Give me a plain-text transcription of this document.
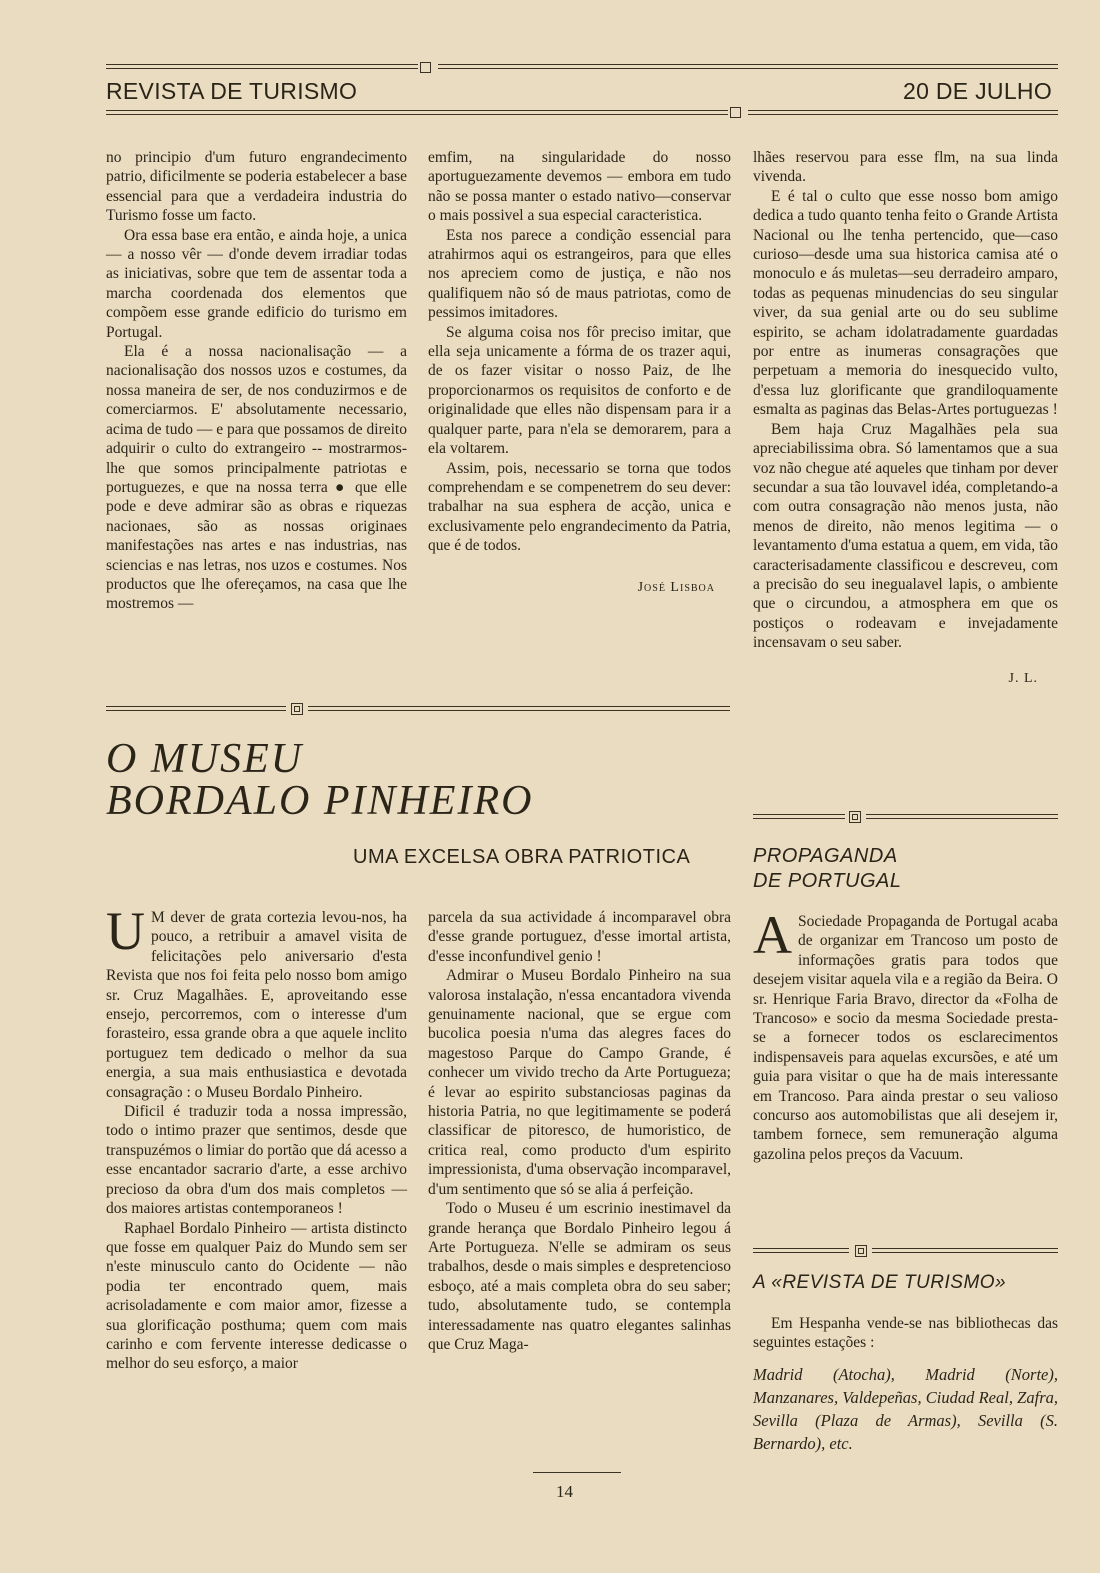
REVISTA DE TURISMO	20 DE JULHO

no principio d'um futuro engrandecimento patrio, dificilmente se poderia estabelecer a base essencial para que a verdadeira industria do Turismo fosse um facto.

Ora essa base era então, e ainda hoje, a unica — a nosso vêr — d'onde devem irradiar todas as iniciativas, sobre que tem de assentar toda a marcha coordenada dos elementos que compõem esse grande edificio do turismo em Portugal.

Ela é a nossa nacionalisação — a nacionalisação dos nossos uzos e costumes, da nossa maneira de ser, de nos conduzirmos e de comerciarmos. E' absolutamente necessario, acima de tudo — e para que possamos de direito adquirir o culto do extrangeiro -- mostrarmos-lhe que somos principalmente patriotas e portuguezes, e que na nossa terra ● que elle pode e deve admirar são as obras e riquezas nacionaes, são as nossas originaes manifestações nas artes e nas industrias, nas sciencias e nas letras, nos uzos e costumes. Nos productos que lhe ofereçamos, na casa que lhe mostremos —

emfim, na singularidade do nosso aportuguezamente devemos — embora em tudo não se possa manter o estado nativo—conservar o mais possivel a sua especial caracteristica.

Esta nos parece a condição essencial para atrahirmos aqui os estrangeiros, para que elles nos apreciem como de justiça, e não nos qualifiquem não só de maus patriotas, como de pessimos imitadores.

Se alguma coisa nos fôr preciso imitar, que ella seja unicamente a fórma de os trazer aqui, de os fazer visitar o nosso Paiz, de lhe proporcionarmos os requisitos de conforto e de originalidade que elles não dispensam para ir a qualquer parte, para n'ela se demorarem, para a ela voltarem.

Assim, pois, necessario se torna que todos comprehendam e se compenetrem do seu dever: trabalhar na sua esphera de acção, unica e exclusivamente pelo engrandecimento da Patria, que é de todos.

José Lisboa

lhães reservou para esse flm, na sua linda vivenda.

E é tal o culto que esse nosso bom amigo dedica a tudo quanto tenha feito o Grande Artista Nacional ou lhe tenha pertencido, que—caso curioso—desde uma sua historica camisa até o monoculo e ás muletas—seu derradeiro amparo, todas as pequenas minudencias do seu singular viver, da sua genial arte ou do seu sublime espirito, se acham idolatradamente guardadas por entre as inumeras consagrações que perpetuam a memoria do inesquecido vulto, d'essa luz glorificante que grandiloquamente esmalta as paginas das Belas-Artes portuguezas !

Bem haja Cruz Magalhães pela sua apreciabilissima obra. Só lamentamos que a sua voz não chegue até aqueles que tinham por dever secundar a sua tão louvavel idéa, completando-a com outra consagração não menos justa, não menos de direito, não menos legitima — o levantamento d'uma estatua a quem, em vida, tão caracterisadamente classificou e descreveu, com a precisão do seu inegualavel lapis, o ambiente que o circundou, a atmosphera em que os postiços o rodeavam e invejadamente incensavam o seu saber.

J. L.
O MUSEU
BORDALO PINHEIRO
UMA EXCELSA OBRA PATRIOTICA

U M dever de grata cortezia levou-nos, ha pouco, a retribuir a amavel visita de felicitações pelo aniversario d'esta Revista que nos foi feita pelo nosso bom amigo sr. Cruz Magalhães. E, aproveitando esse ensejo, percorremos, com o interesse d'um forasteiro, essa grande obra a que aquele inclito portuguez tem dedicado o melhor da sua energia, a sua mais enthusiastica e devotada consagração : o Museu Bordalo Pinheiro.

Dificil é traduzir toda a nossa impressão, todo o intimo prazer que sentimos, desde que transpuzémos o limiar do portão que dá acesso a esse encantador sacrario d'arte, a esse archivo precioso da obra d'um dos mais completos —dos maiores artistas contemporaneos !

Raphael Bordalo Pinheiro — artista distincto que fosse em qualquer Paiz do Mundo sem ser n'este minusculo canto do Ocidente — não podia ter encontrado quem, mais acrisoladamente e com maior amor, fizesse a sua glorificação posthuma; quem com mais carinho e com fervente interesse dedicasse o melhor do seu esforço, a maior

parcela da sua actividade á incomparavel obra d'esse grande portuguez, d'esse imortal artista, d'esse inconfundivel genio !

Admirar o Museu Bordalo Pinheiro na sua valorosa instalação, n'essa encantadora vivenda genuinamente nacional, que se ergue com bucolica poesia n'uma das alegres faces do magestoso Parque do Campo Grande, é conhecer um vivido trecho da Arte Portugueza; é levar ao espirito substanciosas paginas da historia Patria, no que legitimamente se poderá classificar de pitoresco, de humoristico, de critica real, como producto d'um espirito impressionista, d'uma observação incomparavel, d'um sentimento que só se alia á perfeição.

Todo o Museu é um escrinio inestimavel da grande herança que Bordalo Pinheiro legou á Arte Portugueza. N'elle se admiram os seus trabalhos, desde o mais simples e despretencioso esboço, até a mais completa obra do seu saber; tudo, absolutamente tudo, se contempla interessadamente nas quatro elegantes salinhas que Cruz Maga-

PROPAGANDA
DE PORTUGAL

A Sociedade Propaganda de Portugal acaba de organizar em Trancoso um posto de informações gratis para todos que desejem visitar aquela vila e a região da Beira. O sr. Henrique Faria Bravo, director da «Folha de Trancoso» e socio da mesma Sociedade presta-se a fornecer todos os esclarecimentos indispensaveis para aquelas excursões, e até um guia para visitar o que ha de mais interessante em Trancoso. Para ainda prestar o seu valioso concurso aos automobilistas que ali desejem ir, tambem fornece, sem remuneração alguma gazolina pelos preços da Vacuum.

A «REVISTA DE TURISMO»

Em Hespanha vende-se nas bibliothecas das seguintes estações :

Madrid (Atocha), Madrid (Norte), Manzanares, Valdepeñas, Ciudad Real, Zafra, Sevilla (Plaza de Armas), Sevilla (S. Bernardo), etc.
14
